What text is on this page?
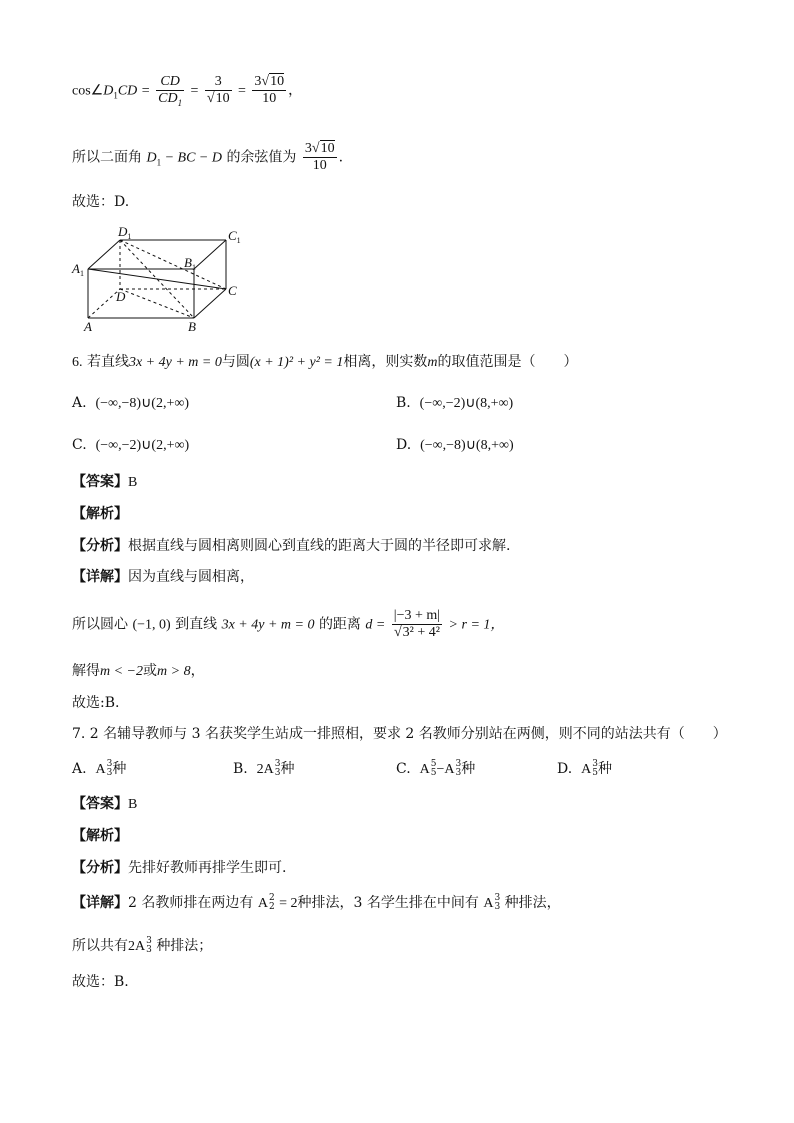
$\cos\angle D_1CD = \frac{CD}{CD_1} = \frac{3}{√10} = \frac{3√10}{10}$ ，
所以二面角 $D_1$ − BC − D 的余弦值为 $\frac{3√10}{10}$ .
故选：D.
$D_1$	$C_1$
$A_1$
$B_1$
D	C
A	B
6. 若直线3x + 4y + m = 0与圆(x + 1)² + y² = 1相离，则实数m的取值范围是（　　）
A. (−∞,−8)∪(2,+∞)	B. (−∞,−2)∪(8,+∞)
C. (−∞,−2)∪(2,+∞)	D. (−∞,−8)∪(8,+∞)
【答案】B
【解析】
【分析】根据直线与圆相离则圆心到直线的距离大于圆的半径即可求解.
【详解】因为直线与圆相离，
所以圆心 (−1, 0) 到直线 3x + 4y + m = 0 的距离 $d = \frac{|-3 + m|}{\text{√3² + 4²}} > r = 1$，
解得m < −2或m > 8，
故选:B.
7. 2 名辅导教师与 3 名获奖学生站成一排照相，要求 2 名教师分别站在两侧，则不同的站法共有（　　）
A. A 3
3 种	B. 2A 3
3 种	C. A 5
5 −A 3
3 种	D. A 3
5 种
【答案】B
【解析】
【分析】先排好教师再排学生即可.
【详解】2 名教师排在两边有 A 2
2 = 2种排法，3 名学生排在中间有 A 3
3 种排法，
所以共有2A 3
3 种排法；
故选：B.
